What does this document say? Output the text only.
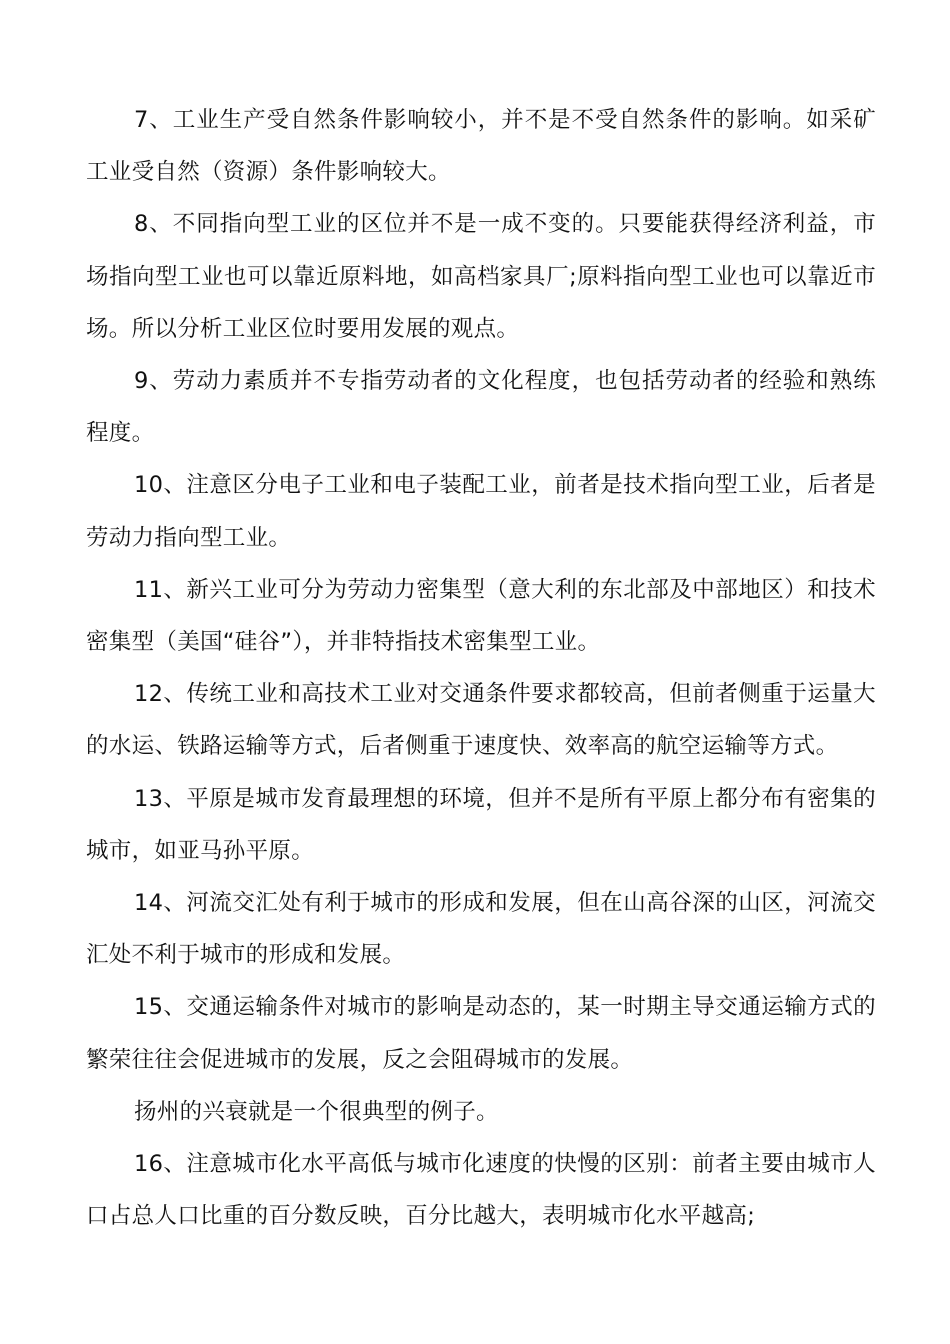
7、工业生产受自然条件影响较小，并不是不受自然条件的影响。如采矿工业受自然（资源）条件影响较大。

8、不同指向型工业的区位并不是一成不变的。只要能获得经济利益，市场指向型工业也可以靠近原料地，如高档家具厂;原料指向型工业也可以靠近市场。所以分析工业区位时要用发展的观点。

9、劳动力素质并不专指劳动者的文化程度，也包括劳动者的经验和熟练程度。

10、注意区分电子工业和电子装配工业，前者是技术指向型工业，后者是劳动力指向型工业。

11、新兴工业可分为劳动力密集型（意大利的东北部及中部地区）和技术密集型（美国“硅谷”），并非特指技术密集型工业。

12、传统工业和高技术工业对交通条件要求都较高，但前者侧重于运量大的水运、铁路运输等方式，后者侧重于速度快、效率高的航空运输等方式。

13、平原是城市发育最理想的环境，但并不是所有平原上都分布有密集的城市，如亚马孙平原。

14、河流交汇处有利于城市的形成和发展，但在山高谷深的山区，河流交汇处不利于城市的形成和发展。

15、交通运输条件对城市的影响是动态的，某一时期主导交通运输方式的繁荣往往会促进城市的发展，反之会阻碍城市的发展。

扬州的兴衰就是一个很典型的例子。

16、注意城市化水平高低与城市化速度的快慢的区别：前者主要由城市人口占总人口比重的百分数反映，百分比越大，表明城市化水平越高;
